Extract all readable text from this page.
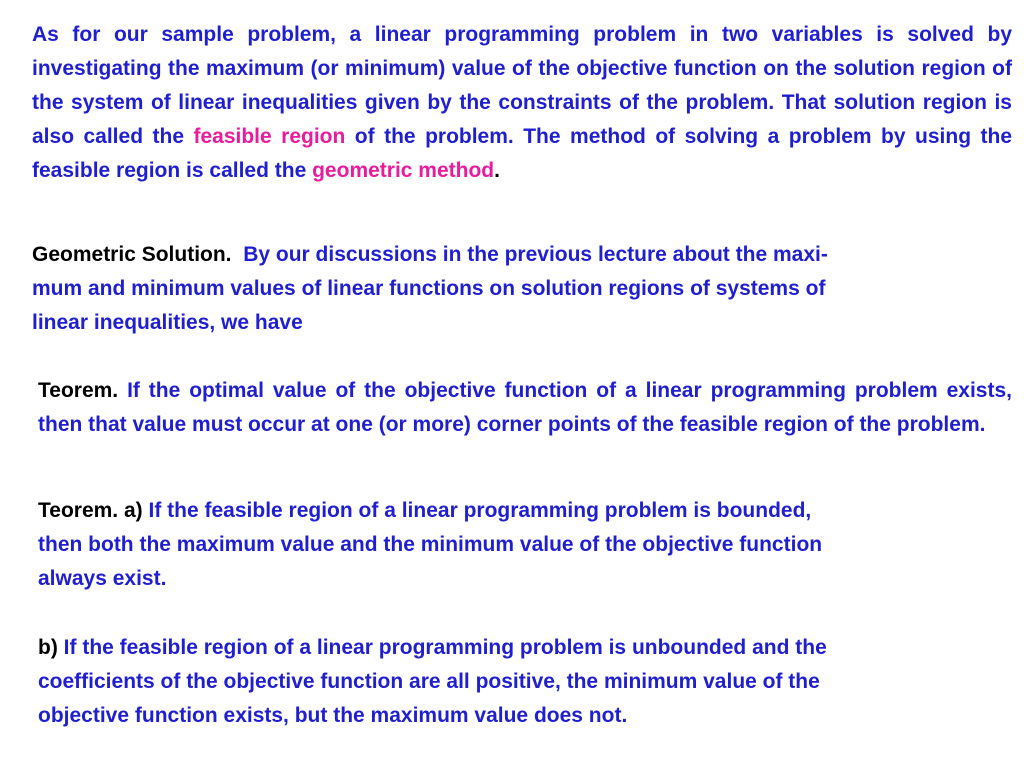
As for our sample problem, a linear programming problem in two variables is solved by investigating the maximum (or minimum) value of the objective function on the solution region of the system of linear inequalities given by the constraints of the problem. That solution region is also called the feasible region of the problem. The method of solving a problem by using the feasible region is called the geometric method.
Geometric Solution. By our discussions in the previous lecture about the maxi-
mum and minimum values of linear functions on solution regions of systems of
linear inequalities, we have
Teorem. If the optimal value of the objective function of a linear programming problem exists, then that value must occur at one (or more) corner points of the feasible region of the problem.
Teorem. a) If the feasible region of a linear programming problem is bounded,
then both the maximum value and the minimum value of the objective function
always exist.
b) If the feasible region of a linear programming problem is unbounded and the
coefficients of the objective function are all positive, the minimum value of the
objective function exists, but the maximum value does not.
